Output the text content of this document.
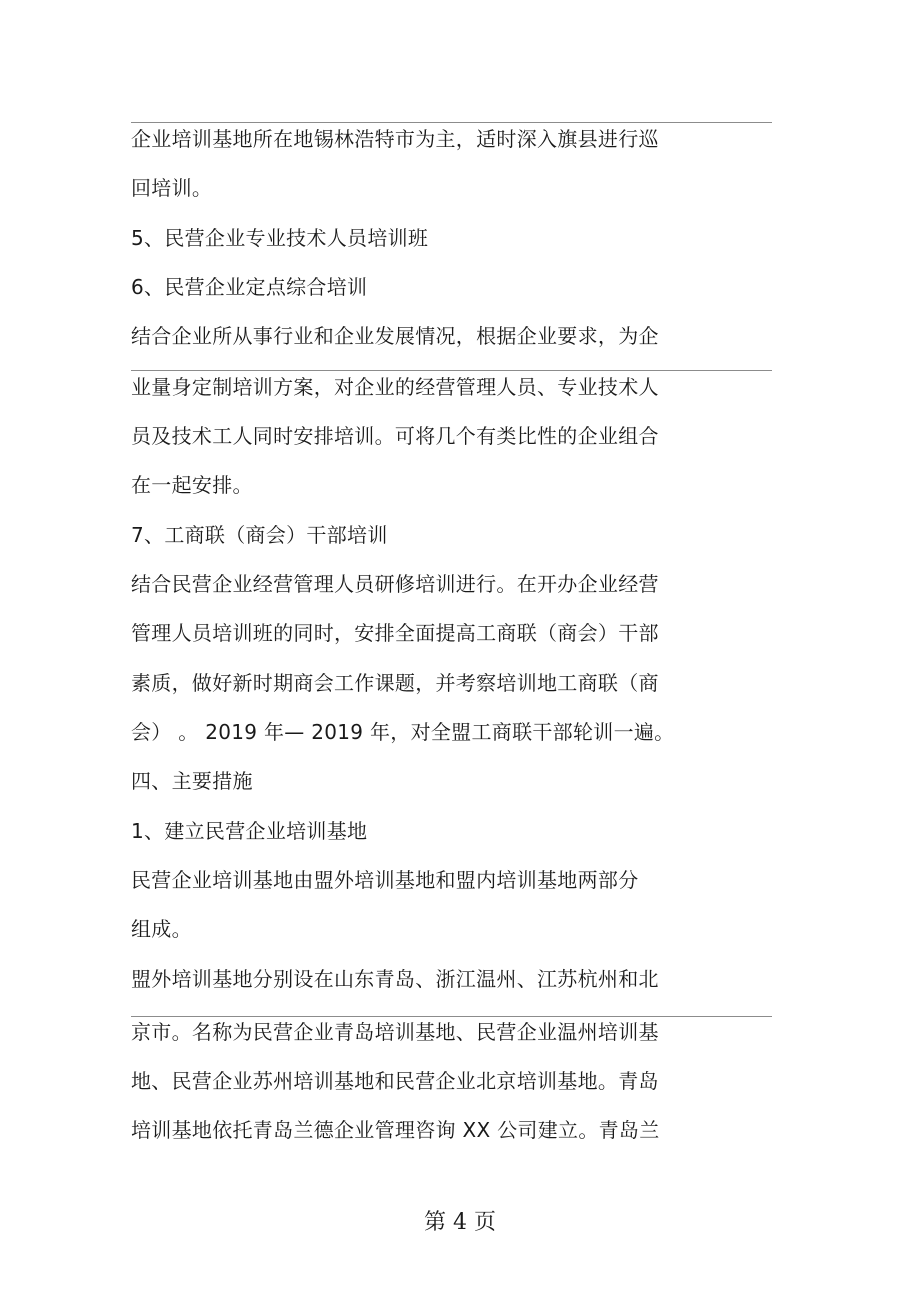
企业培训基地所在地锡林浩特市为主，适时深入旗县进行巡
回培训。
5、民营企业专业技术人员培训班
6、民营企业定点综合培训
结合企业所从事行业和企业发展情况，根据企业要求，为企
业量身定制培训方案，对企业的经营管理人员、专业技术人
员及技术工人同时安排培训。可将几个有类比性的企业组合
在一起安排。
7、工商联（商会）干部培训
结合民营企业经营管理人员研修培训进行。在开办企业经营
管理人员培训班的同时，安排全面提高工商联（商会）干部
素质，做好新时期商会工作课题，并考察培训地工商联（商
会） 。 2019 年— 2019 年，对全盟工商联干部轮训一遍。
四、主要措施
1、建立民营企业培训基地
民营企业培训基地由盟外培训基地和盟内培训基地两部分
组成。
盟外培训基地分别设在山东青岛、浙江温州、江苏杭州和北
京市。名称为民营企业青岛培训基地、民营企业温州培训基
地、民营企业苏州培训基地和民营企业北京培训基地。青岛
培训基地依托青岛兰德企业管理咨询 XX 公司建立。青岛兰
第 4 页
